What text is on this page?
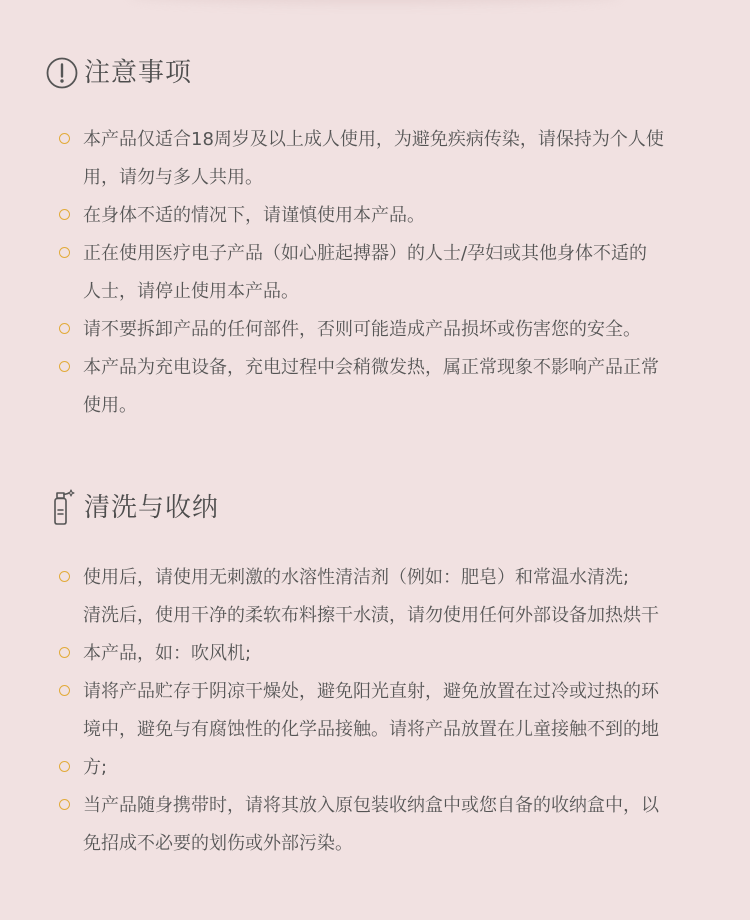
注意事项
本产品仅适合18周岁及以上成人使用，为避免疾病传染，请保持为个人使
用，请勿与多人共用。
在身体不适的情况下，请谨慎使用本产品。
正在使用医疗电子产品（如心脏起搏器）的人士/孕妇或其他身体不适的
人士，请停止使用本产品。
请不要拆卸产品的任何部件，否则可能造成产品损坏或伤害您的安全。
本产品为充电设备，充电过程中会稍微发热，属正常现象不影响产品正常
使用。
清洗与收纳
使用后，请使用无刺激的水溶性清洁剂（例如：肥皂）和常温水清洗;
清洗后，使用干净的柔软布料擦干水渍，请勿使用任何外部设备加热烘干
本产品，如：吹风机;
请将产品贮存于阴凉干燥处，避免阳光直射，避免放置在过冷或过热的环
境中，避免与有腐蚀性的化学品接触。请将产品放置在儿童接触不到的地
方;
当产品随身携带时，请将其放入原包装收纳盒中或您自备的收纳盒中，以
免招成不必要的划伤或外部污染。
